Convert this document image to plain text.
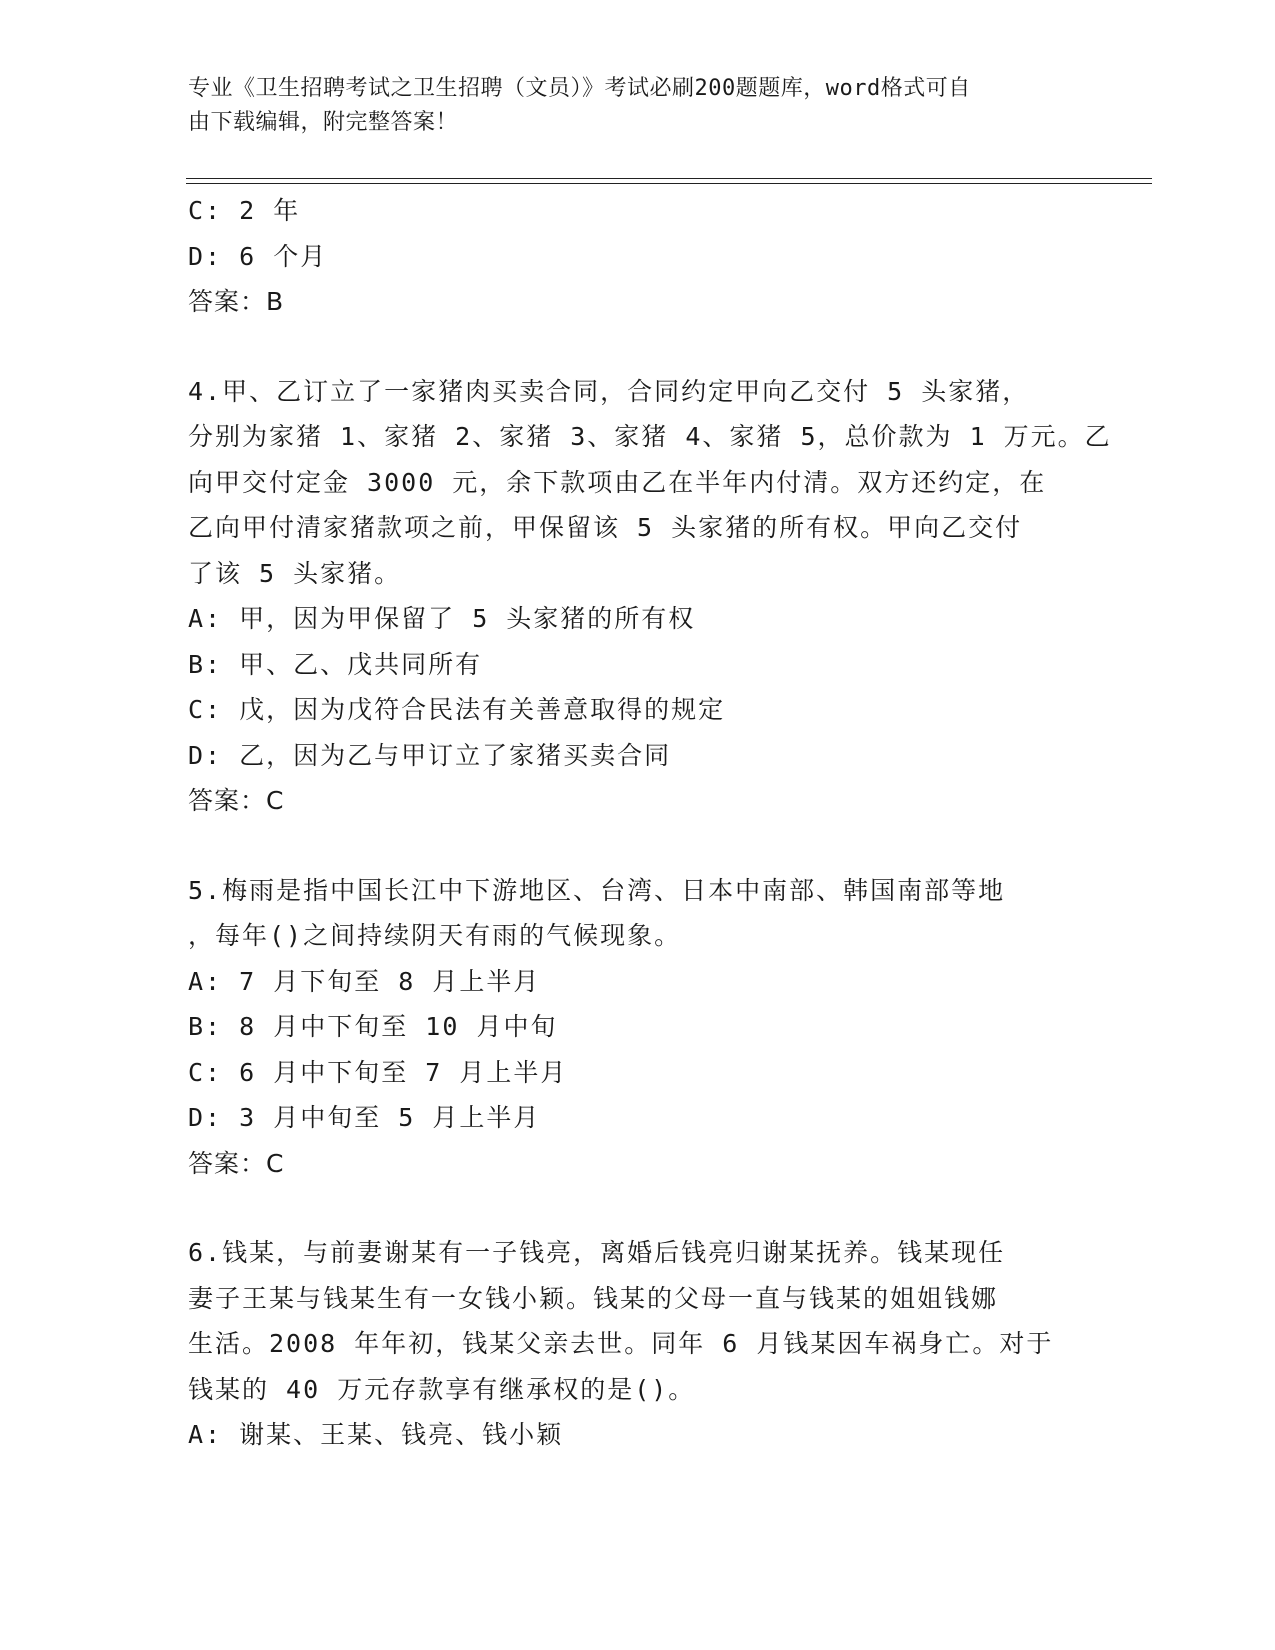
专业《卫生招聘考试之卫生招聘（文员）》考试必刷200题题库，word格式可自
由下载编辑，附完整答案！
C: 2 年
D: 6 个月
答案：B
4.甲、乙订立了一家猪肉买卖合同，合同约定甲向乙交付 5 头家猪，
分别为家猪 1、家猪 2、家猪 3、家猪 4、家猪 5，总价款为 1 万元。乙
向甲交付定金 3000 元，余下款项由乙在半年内付清。双方还约定，在
乙向甲付清家猪款项之前，甲保留该 5 头家猪的所有权。甲向乙交付
了该 5 头家猪。
A: 甲，因为甲保留了 5 头家猪的所有权
B: 甲、乙、戊共同所有
C: 戊，因为戊符合民法有关善意取得的规定
D: 乙，因为乙与甲订立了家猪买卖合同
答案：C
5.梅雨是指中国长江中下游地区、台湾、日本中南部、韩国南部等地
，每年()之间持续阴天有雨的气候现象。
A: 7 月下旬至 8 月上半月
B: 8 月中下旬至 10 月中旬
C: 6 月中下旬至 7 月上半月
D: 3 月中旬至 5 月上半月
答案：C
6.钱某，与前妻谢某有一子钱亮，离婚后钱亮归谢某抚养。钱某现任
妻子王某与钱某生有一女钱小颖。钱某的父母一直与钱某的姐姐钱娜
生活。2008 年年初，钱某父亲去世。同年 6 月钱某因车祸身亡。对于
钱某的 40 万元存款享有继承权的是()。
A: 谢某、王某、钱亮、钱小颖
